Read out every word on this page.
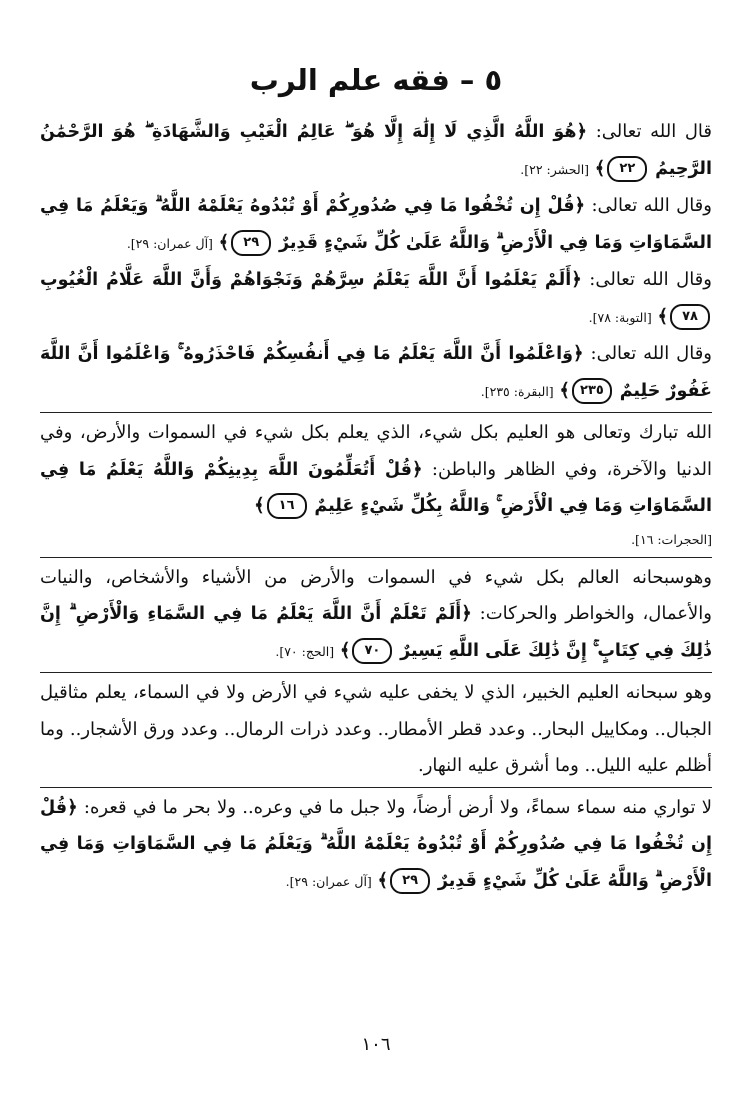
٥ – فقه علم الرب

قال الله تعالى: ﴿هُوَ اللَّهُ الَّذِي لَا إِلَٰهَ إِلَّا هُوَ ۖ عَالِمُ الْغَيْبِ وَالشَّهَادَةِ ۖ هُوَ الرَّحْمَٰنُ الرَّحِيمُ ٢٢﴾ [الحشر: ٢٢].

وقال الله تعالى: ﴿قُلْ إِن تُخْفُوا مَا فِي صُدُورِكُمْ أَوْ تُبْدُوهُ يَعْلَمْهُ اللَّهُ ۗ وَيَعْلَمُ مَا فِي السَّمَاوَاتِ وَمَا فِي الْأَرْضِ ۗ وَاللَّهُ عَلَىٰ كُلِّ شَيْءٍ قَدِيرٌ ٢٩﴾ [آل عمران: ٢٩].

وقال الله تعالى: ﴿أَلَمْ يَعْلَمُوا أَنَّ اللَّهَ يَعْلَمُ سِرَّهُمْ وَنَجْوَاهُمْ وَأَنَّ اللَّهَ عَلَّامُ الْغُيُوبِ ٧٨﴾ [التوبة: ٧٨].

وقال الله تعالى: ﴿وَاعْلَمُوا أَنَّ اللَّهَ يَعْلَمُ مَا فِي أَنفُسِكُمْ فَاحْذَرُوهُ ۚ وَاعْلَمُوا أَنَّ اللَّهَ غَفُورٌ حَلِيمٌ ٢٣٥﴾ [البقرة: ٢٣٥].

الله تبارك وتعالى هو العليم بكل شيء، الذي يعلم بكل شيء في السموات والأرض، وفي الدنيا والآخرة، وفي الظاهر والباطن: ﴿قُلْ أَتُعَلِّمُونَ اللَّهَ بِدِينِكُمْ وَاللَّهُ يَعْلَمُ مَا فِي السَّمَاوَاتِ وَمَا فِي الْأَرْضِ ۚ وَاللَّهُ بِكُلِّ شَيْءٍ عَلِيمٌ ١٦﴾
[الحجرات: ١٦].

وهوسبحانه العالم بكل شيء في السموات والأرض من الأشياء والأشخاص، والنيات والأعمال، والخواطر والحركات: ﴿أَلَمْ تَعْلَمْ أَنَّ اللَّهَ يَعْلَمُ مَا فِي السَّمَاءِ وَالْأَرْضِ ۗ إِنَّ ذَٰلِكَ فِي كِتَابٍ ۚ إِنَّ ذَٰلِكَ عَلَى اللَّهِ يَسِيرٌ ٧٠﴾ [الحج: ٧٠].

وهو سبحانه العليم الخبير، الذي لا يخفى عليه شيء في الأرض ولا في السماء، يعلم مثاقيل الجبال.. ومكاييل البحار.. وعدد قطر الأمطار.. وعدد ذرات الرمال.. وعدد ورق الأشجار.. وما أظلم عليه الليل.. وما أشرق عليه النهار.

لا تواري منه سماء سماءً، ولا أرض أرضاً، ولا جبل ما في وعره.. ولا بحر ما في قعره: ﴿قُلْ إِن تُخْفُوا مَا فِي صُدُورِكُمْ أَوْ تُبْدُوهُ يَعْلَمْهُ اللَّهُ ۗ وَيَعْلَمُ مَا فِي السَّمَاوَاتِ وَمَا فِي الْأَرْضِ ۗ وَاللَّهُ عَلَىٰ كُلِّ شَيْءٍ قَدِيرٌ ٢٩﴾ [آل عمران: ٢٩].

١٠٦
